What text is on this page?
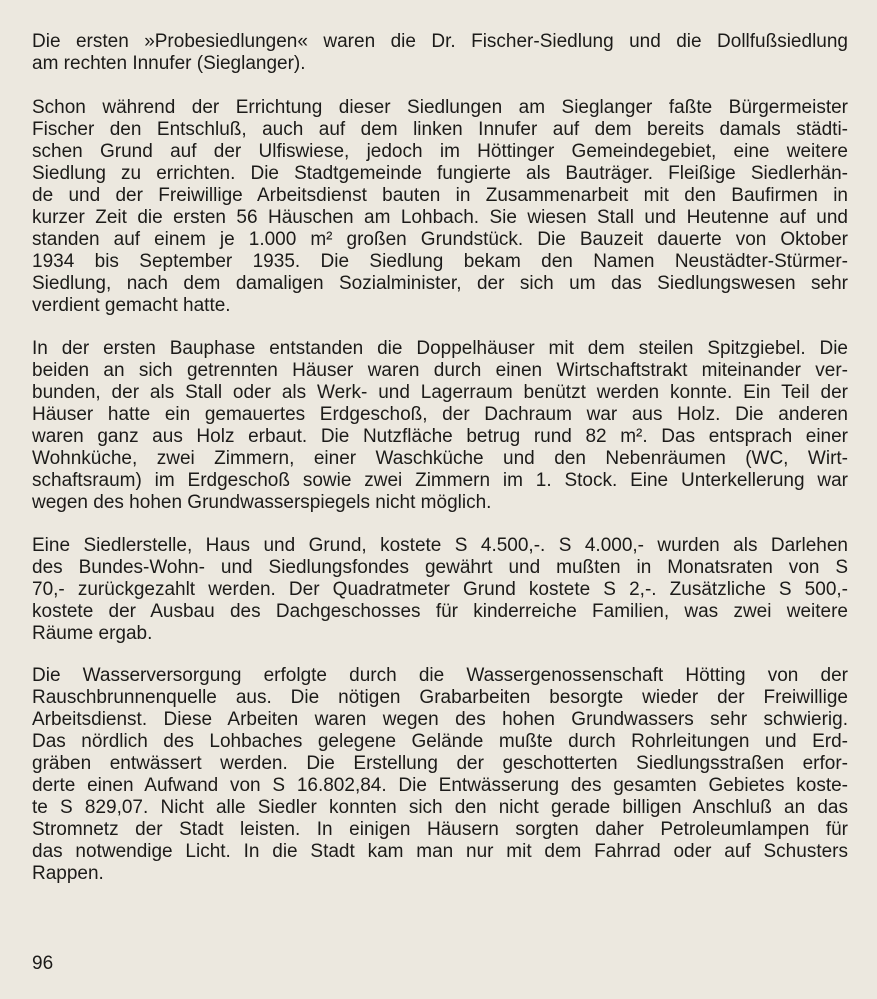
Die ersten »Probesiedlungen« waren die Dr. Fischer-Siedlung und die Dollfußsiedlung
am rechten Innufer (Sieglanger).
Schon während der Errichtung dieser Siedlungen am Sieglanger faßte Bürgermeister
Fischer den Entschluß, auch auf dem linken Innufer auf dem bereits damals städti-
schen Grund auf der Ulfiswiese, jedoch im Höttinger Gemeindegebiet, eine weitere
Siedlung zu errichten. Die Stadtgemeinde fungierte als Bauträger. Fleißige Siedlerhän-
de und der Freiwillige Arbeitsdienst bauten in Zusammenarbeit mit den Baufirmen in
kurzer Zeit die ersten 56 Häuschen am Lohbach. Sie wiesen Stall und Heutenne auf und
standen auf einem je 1.000 m² großen Grundstück. Die Bauzeit dauerte von Oktober
1934 bis September 1935. Die Siedlung bekam den Namen Neustädter-Stürmer-
Siedlung, nach dem damaligen Sozialminister, der sich um das Siedlungswesen sehr
verdient gemacht hatte.
In der ersten Bauphase entstanden die Doppelhäuser mit dem steilen Spitzgiebel. Die
beiden an sich getrennten Häuser waren durch einen Wirtschaftstrakt miteinander ver-
bunden, der als Stall oder als Werk- und Lagerraum benützt werden konnte. Ein Teil der
Häuser hatte ein gemauertes Erdgeschoß, der Dachraum war aus Holz. Die anderen
waren ganz aus Holz erbaut. Die Nutzfläche betrug rund 82 m². Das entsprach einer
Wohnküche, zwei Zimmern, einer Waschküche und den Nebenräumen (WC, Wirt-
schaftsraum) im Erdgeschoß sowie zwei Zimmern im 1. Stock. Eine Unterkellerung war
wegen des hohen Grundwasserspiegels nicht möglich.
Eine Siedlerstelle, Haus und Grund, kostete S 4.500,-. S 4.000,- wurden als Darlehen
des Bundes-Wohn- und Siedlungsfondes gewährt und mußten in Monatsraten von S
70,- zurückgezahlt werden. Der Quadratmeter Grund kostete S 2,-. Zusätzliche S 500,-
kostete der Ausbau des Dachgeschosses für kinderreiche Familien, was zwei weitere
Räume ergab.
Die Wasserversorgung erfolgte durch die Wassergenossenschaft Hötting von der
Rauschbrunnenquelle aus. Die nötigen Grabarbeiten besorgte wieder der Freiwillige
Arbeitsdienst. Diese Arbeiten waren wegen des hohen Grundwassers sehr schwierig.
Das nördlich des Lohbaches gelegene Gelände mußte durch Rohrleitungen und Erd-
gräben entwässert werden. Die Erstellung der geschotterten Siedlungsstraßen erfor-
derte einen Aufwand von S 16.802,84. Die Entwässerung des gesamten Gebietes koste-
te S 829,07. Nicht alle Siedler konnten sich den nicht gerade billigen Anschluß an das
Stromnetz der Stadt leisten. In einigen Häusern sorgten daher Petroleumlampen für
das notwendige Licht. In die Stadt kam man nur mit dem Fahrrad oder auf Schusters
Rappen.
96
